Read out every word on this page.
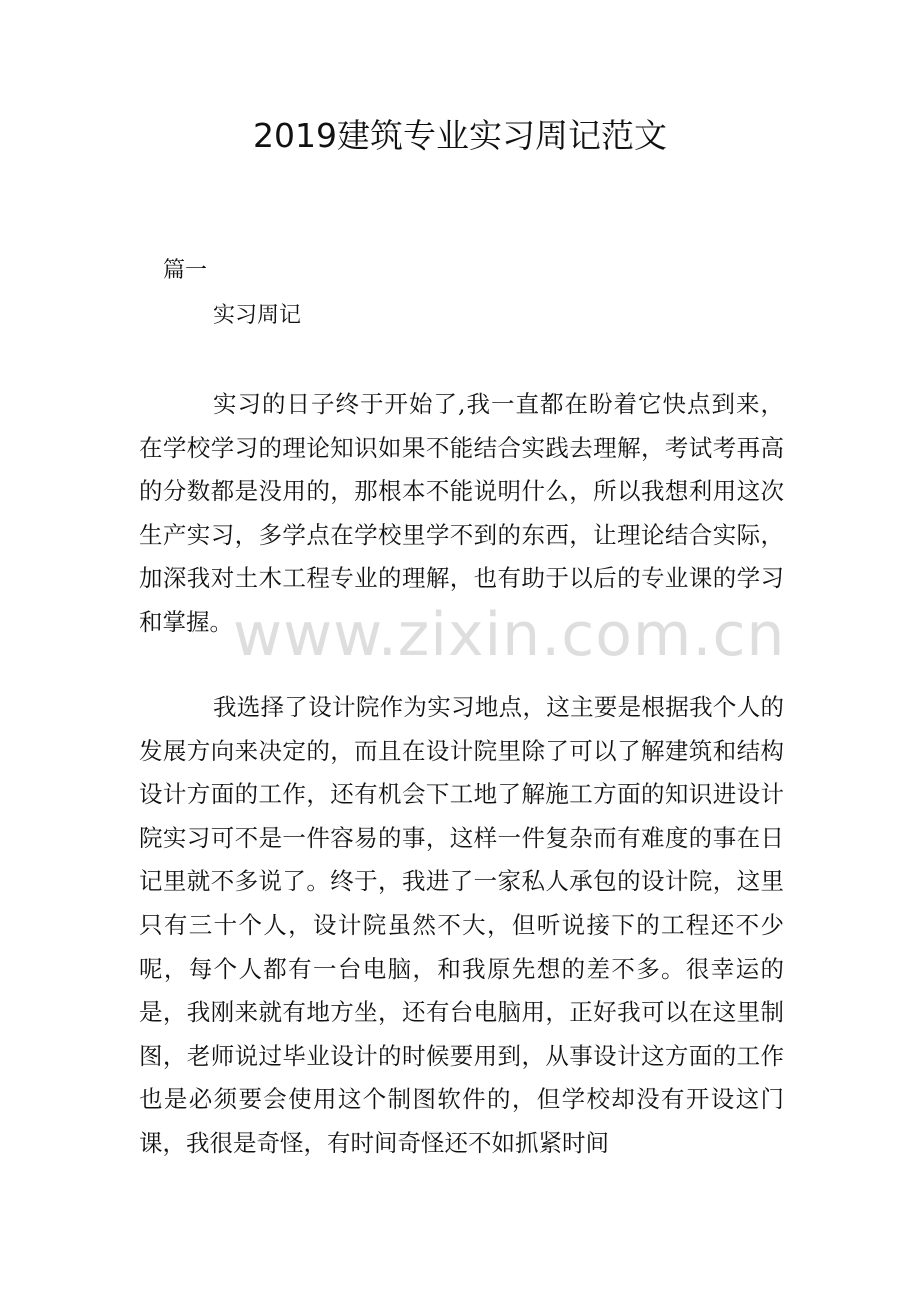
2019建筑专业实习周记范文
篇一
实习周记

实习的日子终于开始了,我一直都在盼着它快点到来，在学校学习的理论知识如果不能结合实践去理解，考试考再高的分数都是没用的，那根本不能说明什么，所以我想利用这次生产实习，多学点在学校里学不到的东西，让理论结合实际，加深我对土木工程专业的理解，也有助于以后的专业课的学习和掌握。

我选择了设计院作为实习地点，这主要是根据我个人的发展方向来决定的，而且在设计院里除了可以了解建筑和结构设计方面的工作，还有机会下工地了解施工方面的知识进设计院实习可不是一件容易的事，这样一件复杂而有难度的事在日记里就不多说了。终于，我进了一家私人承包的设计院，这里只有三十个人，设计院虽然不大，但听说接下的工程还不少呢，每个人都有一台电脑，和我原先想的差不多。很幸运的是，我刚来就有地方坐，还有台电脑用，正好我可以在这里制图，老师说过毕业设计的时候要用到，从事设计这方面的工作也是必须要会使用这个制图软件的，但学校却没有开设这门课，我很是奇怪，有时间奇怪还不如抓紧时间

www.zixin.com.cn
